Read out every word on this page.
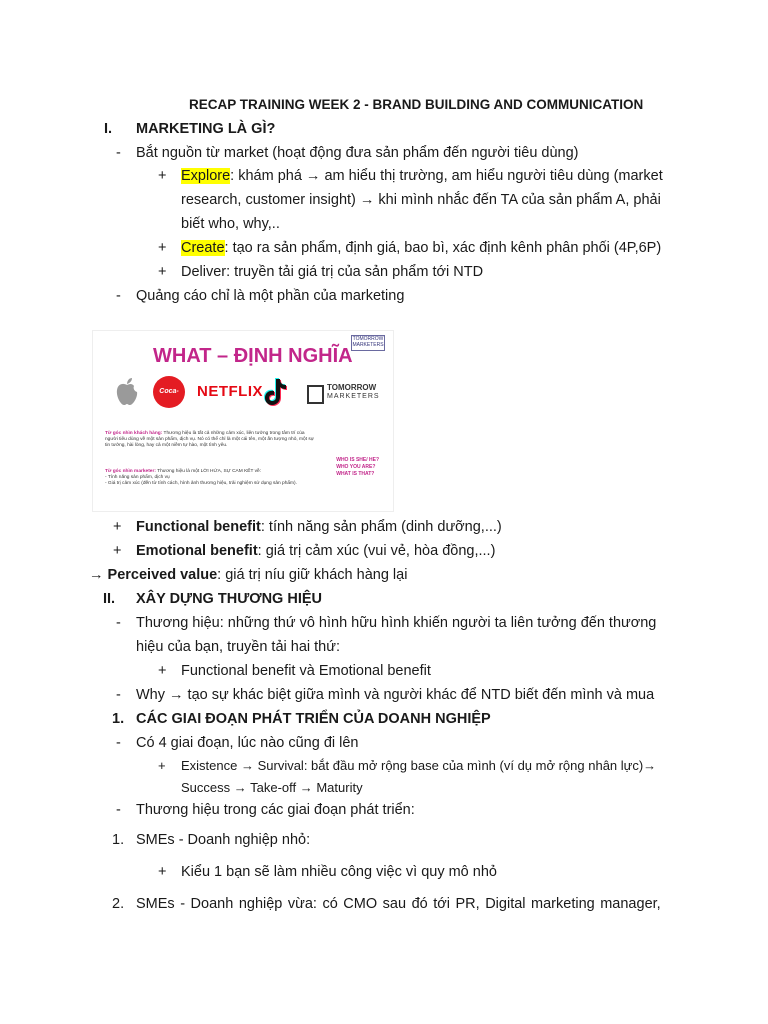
RECAP TRAINING WEEK 2 - BRAND BUILDING AND COMMUNICATION
I. MARKETING LÀ GÌ?
- Bắt nguồn từ market (hoạt động đưa sản phẩm đến người tiêu dùng)
+ Explore: khám phá → am hiểu thị trường, am hiểu người tiêu dùng (market
research, customer insight) → khi mình nhắc đến TA của sản phẩm A, phải
biết who, why,..
+ Create: tạo ra sản phẩm, định giá, bao bì, xác định kênh phân phối (4P,6P)
+ Deliver: truyền tải giá trị của sản phẩm tới NTD
- Quảng cáo chỉ là một phần của marketing
TOMORROW MARKETERS
WHAT – ĐỊNH NGHĨA
Coca-Cola
NETFLIX	TOMORROW
MARKETERS
Từ góc nhìn khách hàng: Thương hiệu là tất cả những cảm xúc, liên tưởng trong tâm trí của người tiêu dùng về một sản phẩm, dịch vụ. Nó có thể chỉ là một cái tên, một ấn tượng nhỏ, một sự tin tưởng, hài lòng, hay cả một niềm tự hào, một tình yêu.
Từ góc nhìn marketer: Thương hiệu là một LỜI HỨA, SỰ CAM KẾT về:
- Tính năng sản phẩm, dịch vụ
- Giá trị cảm xúc (đến từ tính cách, hình ảnh thương hiệu, trải nghiệm sử dụng sản phẩm).
WHO IS SHE/ HE?
WHO YOU ARE?
WHAT IS THAT?
+ Functional benefit: tính năng sản phẩm (dinh dưỡng,...)
+ Emotional benefit: giá trị cảm xúc (vui vẻ, hòa đồng,...)
→ Perceived value: giá trị níu giữ khách hàng lại
II. XÂY DỰNG THƯƠNG HIỆU
- Thương hiệu: những thứ vô hình hữu hình khiến người ta liên tưởng đến thương
hiệu của bạn, truyền tải hai thứ:
+ Functional benefit và Emotional benefit
- Why → tạo sự khác biệt giữa mình và người khác để NTD biết đến mình và mua
1. CÁC GIAI ĐOẠN PHÁT TRIỂN CỦA DOANH NGHIỆP
- Có 4 giai đoạn, lúc nào cũng đi lên
+ Existence → Survival: bắt đầu mở rộng base của mình (ví dụ mở rộng nhân lực)→
Success → Take-off → Maturity
- Thương hiệu trong các giai đoạn phát triển:
1. SMEs - Doanh nghiệp nhỏ:
+ Kiểu 1 bạn sẽ làm nhiều công việc vì quy mô nhỏ
2. SMEs - Doanh nghiệp vừa: có CMO sau đó tới PR, Digital marketing manager,
